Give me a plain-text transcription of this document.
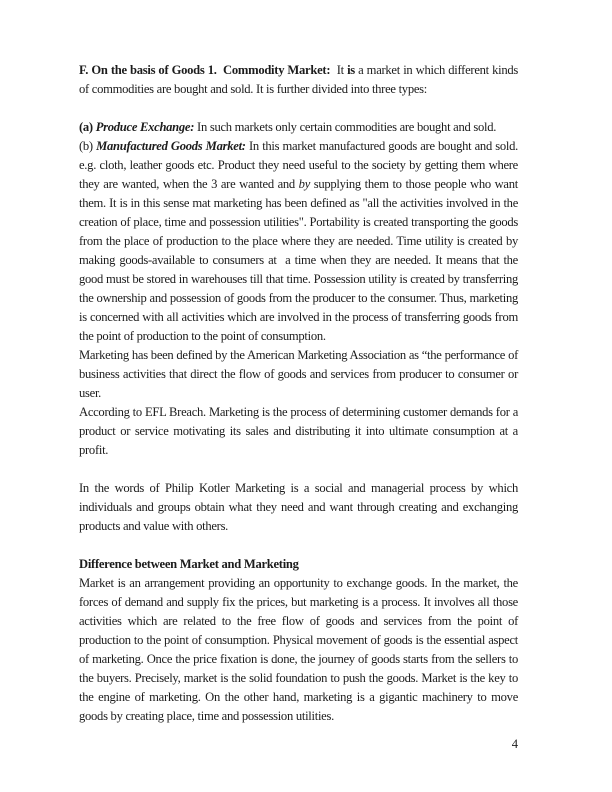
F. On the basis of Goods 1.  Commodity Market:  It is a market in which different kinds of commodities are bought and sold. It is further divided into three types:

(a) Produce Exchange: In such markets only certain commodities are bought and sold.

(b) Manufactured Goods Market: In this market manufactured goods are bought and sold. e.g. cloth, leather goods etc. Product they need useful to the society by getting them where they are wanted, when the 3 are wanted and by supplying them to those people who want them. It is in this sense mat marketing has been defined as "all the activities involved in the creation of place, time and possession utilities". Portability is created transporting the goods from the place of production to the place where they are needed. Time utility is created by making goods-available to consumers at  a time when they are needed. It means that the good must be stored in warehouses till that time. Possession utility is created by transferring the ownership and possession of goods from the producer to the consumer. Thus, marketing is concerned with all activities which are involved in the process of transferring goods from the point of production to the point of consumption.

Marketing has been defined by the American Marketing Association as “the performance of business activities that direct the flow of goods and services from producer to consumer or user.

According to EFL Breach. Marketing is the process of determining customer demands for a product or service motivating its sales and distributing it into ultimate consumption at a profit.

In the words of Philip Kotler Marketing is a social and managerial process by which individuals and groups obtain what they need and want through creating and exchanging products and value with others.

Difference between Market and Marketing

Market is an arrangement providing an opportunity to exchange goods. In the market, the forces of demand and supply fix the prices, but marketing is a process. It involves all those activities which are related to the free flow of goods and services from the point of production to the point of consumption. Physical movement of goods is the essential aspect of marketing. Once the price fixation is done, the journey of goods starts from the sellers to the buyers. Precisely, market is the solid foundation to push the goods. Market is the key to the engine of marketing. On the other hand, marketing is a gigantic machinery to move goods by creating place, time and possession utilities.

4
